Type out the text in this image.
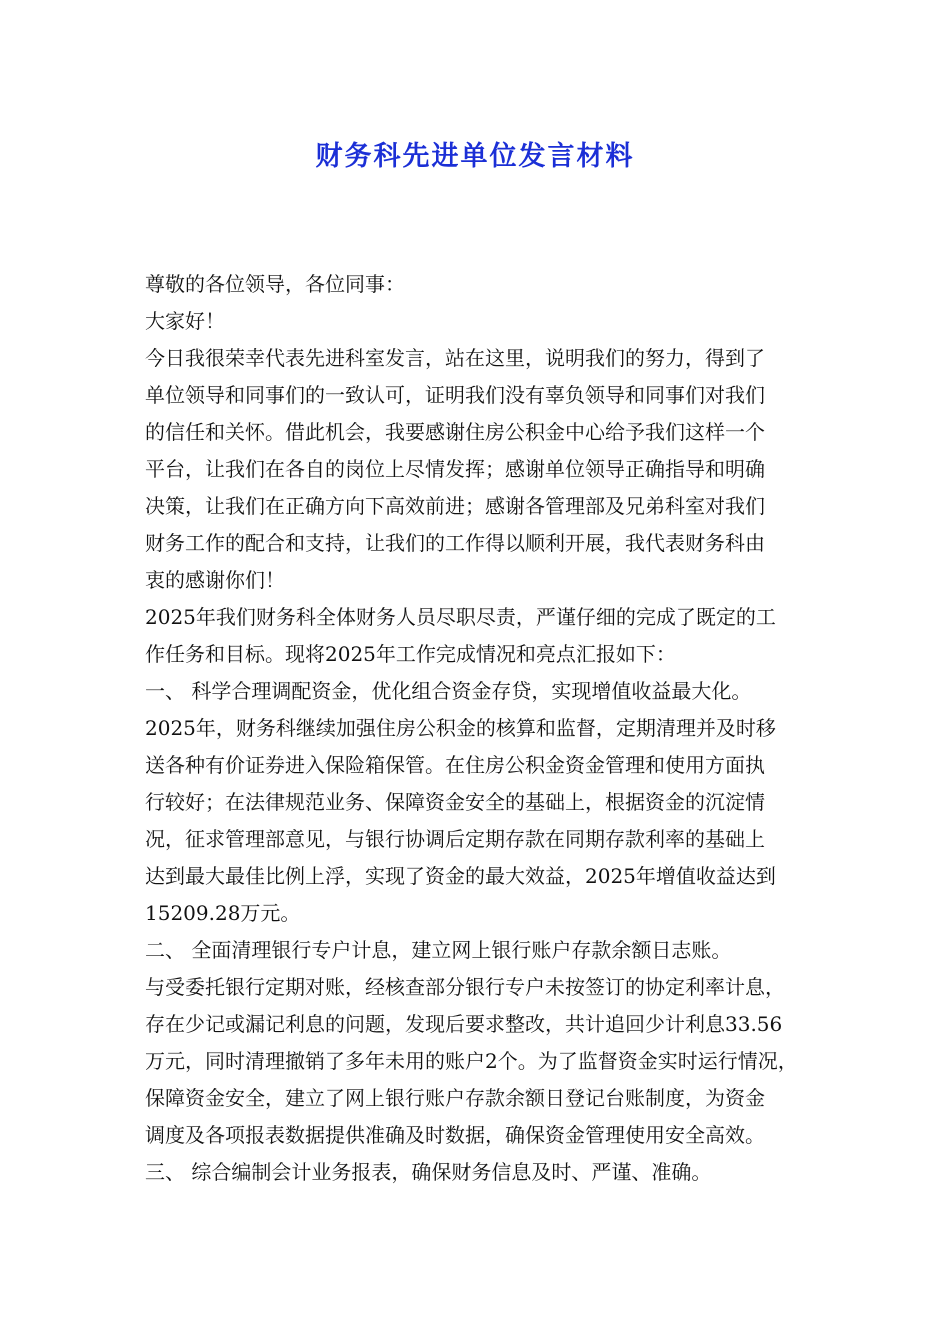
财务科先进单位发言材料

尊敬的各位领导，各位同事：

大家好！

今日我很荣幸代表先进科室发言，站在这里，说明我们的努力，得到了

单位领导和同事们的一致认可，证明我们没有辜负领导和同事们对我们

的信任和关怀。借此机会，我要感谢住房公积金中心给予我们这样一个

平台，让我们在各自的岗位上尽情发挥；感谢单位领导正确指导和明确

决策，让我们在正确方向下高效前进；感谢各管理部及兄弟科室对我们

财务工作的配合和支持，让我们的工作得以顺利开展，我代表财务科由

衷的感谢你们！

2025年我们财务科全体财务人员尽职尽责，严谨仔细的完成了既定的工

作任务和目标。现将2025年工作完成情况和亮点汇报如下：

一、 科学合理调配资金，优化组合资金存贷，实现增值收益最大化。

2025年，财务科继续加强住房公积金的核算和监督，定期清理并及时移

送各种有价证券进入保险箱保管。在住房公积金资金管理和使用方面执

行较好；在法律规范业务、保障资金安全的基础上，根据资金的沉淀情

况，征求管理部意见，与银行协调后定期存款在同期存款利率的基础上

达到最大最佳比例上浮，实现了资金的最大效益，2025年增值收益达到

15209.28万元。

二、 全面清理银行专户计息，建立网上银行账户存款余额日志账。

与受委托银行定期对账，经核查部分银行专户未按签订的协定利率计息，

存在少记或漏记利息的问题，发现后要求整改，共计追回少计利息33.56

万元，同时清理撤销了多年未用的账户2个。为了监督资金实时运行情况，

保障资金安全，建立了网上银行账户存款余额日登记台账制度，为资金

调度及各项报表数据提供准确及时数据，确保资金管理使用安全高效。

三、 综合编制会计业务报表，确保财务信息及时、严谨、准确。
